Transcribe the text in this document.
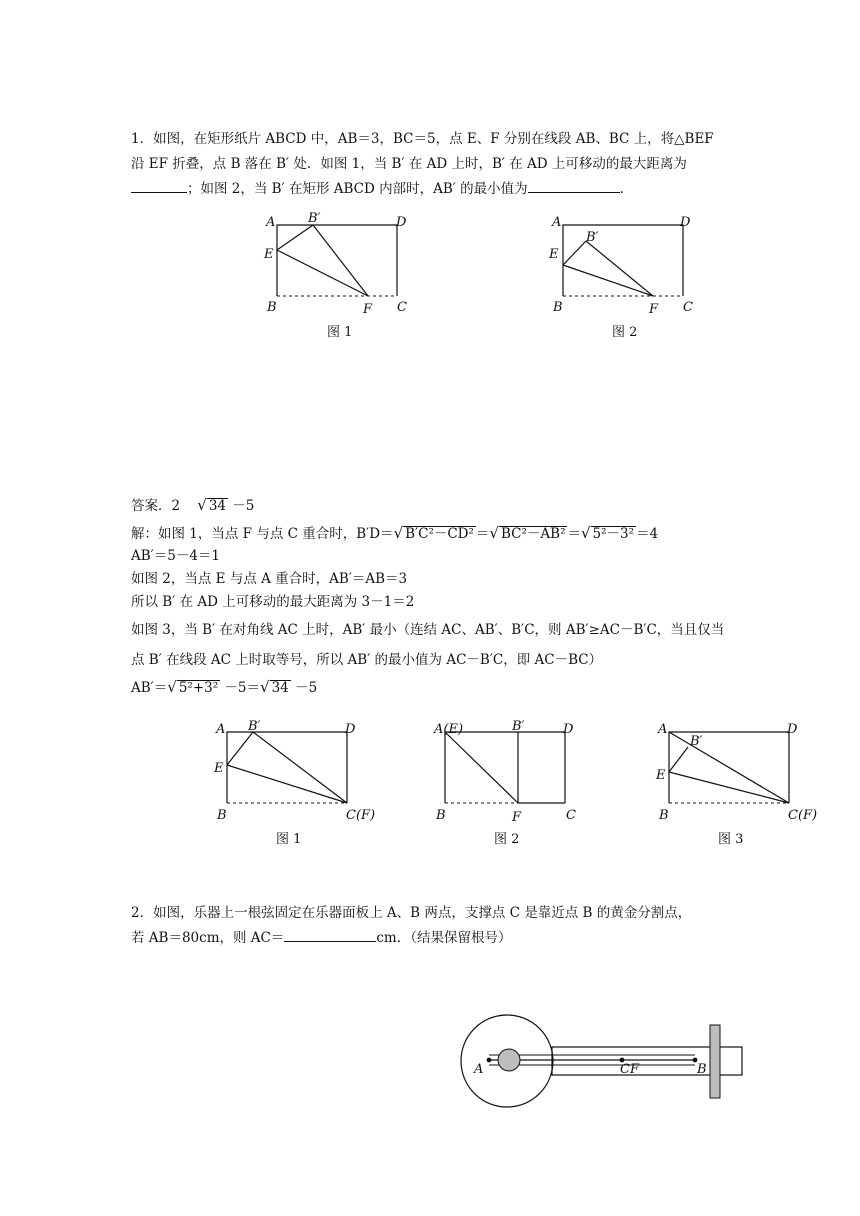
1．如图，在矩形纸片 ABCD 中，AB＝3，BC＝5，点 E、F 分别在线段 AB、BC 上，将△BEF
沿 EF 折叠，点 B 落在 B′ 处．如图 1，当 B′ 在 AD 上时，B′ 在 AD 上可移动的最大距离为
；如图 2，当 B′ 在矩形 ABCD 内部时，AB′ 的最小值为	.
A	B′	D
E
B	F C
图 1
A
B′
D
E
B	F C
图 2
答案．2 √ 34 －5
解：如图 1，当点 F 与点 C 重合时，B′D＝√ B′C²－CD² ＝√ BC²－AB² ＝√ 5²－3² ＝4
AB′＝5－4＝1
如图 2，当点 E 与点 A 重合时，AB′＝AB＝3
所以 B′ 在 AD 上可移动的最大距离为 3－1＝2
如图 3，当 B′ 在对角线 AC 上时，AB′ 最小（连结 AC、AB′、B′C，则 AB′≥AC－B′C，当且仅当
点 B′ 在线段 AC 上时取等号，所以 AB′ 的最小值为 AC－B′C，即 AC－BC）
AB′＝√ 5²+3² －5＝√ 34 －5
A B′	D
E
B	C(F)
图 1
A(E)	B′	D
B	F	C
图 2
A
B′
D
E
B	C(F)
图 3
2．如图，乐器上一根弦固定在乐器面板上 A、B 两点，支撑点 C 是靠近点 B 的黄金分割点，
若 AB＝80cm，则 AC＝	cm．（结果保留根号）
A	CF	B
